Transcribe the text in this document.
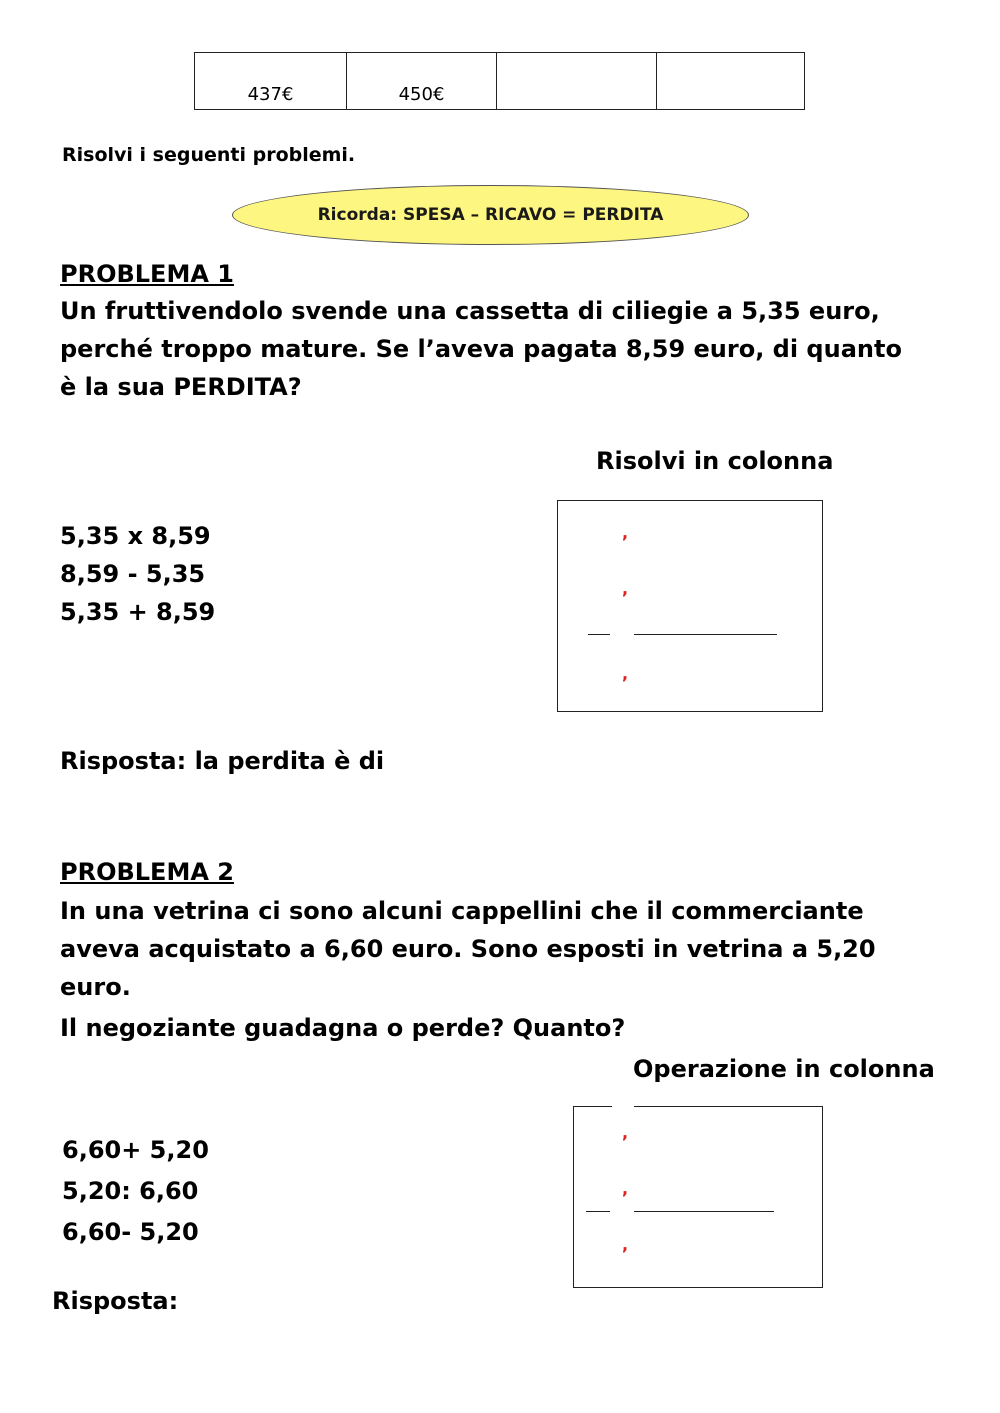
437€	450€		
Risolvi i seguenti problemi.
Ricorda: SPESA – RICAVO = PERDITA
PROBLEMA 1
Un fruttivendolo svende una cassetta di ciliegie a 5,35 euro,
perché troppo mature. Se l’aveva pagata 8,59 euro, di quanto
è la sua PERDITA?
Risolvi in colonna
5,35 x 8,59
8,59 - 5,35
5,35 + 8,59
,
,
,
Risposta: la perdita è di
PROBLEMA 2
In una vetrina ci sono alcuni cappellini che il commerciante
aveva acquistato a 6,60 euro. Sono esposti in vetrina a 5,20
euro.
Il negoziante guadagna o perde? Quanto?
Operazione in colonna
6,60+ 5,20
5,20: 6,60
6,60- 5,20
,
,
,
Risposta:
